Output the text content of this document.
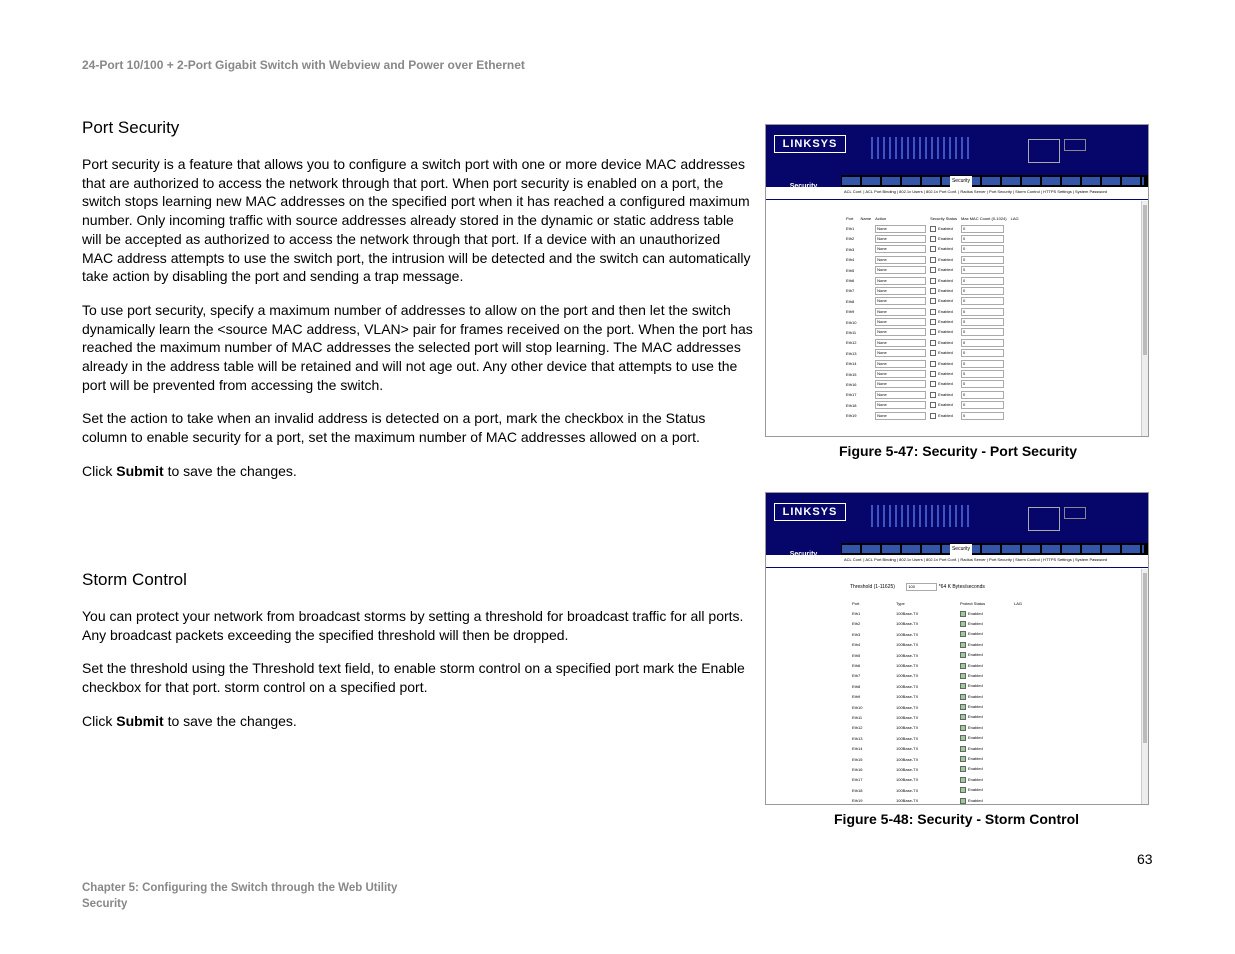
24-Port 10/100 + 2-Port Gigabit Switch with Webview and Power over Ethernet
Port Security

Port security is a feature that allows you to configure a switch port with one or more device MAC addresses that are authorized to access the network through that port. When port security is enabled on a port, the switch stops learning new MAC addresses on the specified port when it has reached a configured maximum number. Only incoming traffic with source addresses already stored in the dynamic or static address table will be accepted as authorized to access the network through that port. If a device with an unauthorized MAC address attempts to use the switch port, the intrusion will be detected and the switch can automatically take action by disabling the port and sending a trap message.

To use port security, specify a maximum number of addresses to allow on the port and then let the switch dynamically learn the <source MAC address, VLAN> pair for frames received on the port. When the port has reached the maximum number of MAC addresses the selected port will stop learning. The MAC addresses already in the address table will be retained and will not age out. Any other device that attempts to use the port will be prevented from accessing the switch.

Set the action to take when an invalid address is detected on a port, mark the checkbox in the Status column to enable security for a port, set the maximum number of MAC addresses allowed on a port.

Click Submit to save the changes.

Storm Control

You can protect your network from broadcast storms by setting a threshold for broadcast traffic for all ports. Any broadcast packets exceeding the specified threshold will then be dropped.

Set the threshold using the Threshold text field, to enable storm control on a specified port mark the Enable checkbox for that port. storm control on a specified port.

Click Submit to save the changes.

LINKSYS
Security
ACL Conf. | ACL Port Binding | 802.1x Users | 802.1x Port Conf. | Radius Server | Port Security | Storm Control | HTTPS Settings | System Password
Port	Name	Action	Security Status	Max MAC Count (0-1024)	LAG
Eth1		None	Enabled	0	
Eth2		None	Enabled	0	
Eth3		None	Enabled	0	
Eth4		None	Enabled	0	
Eth5		None	Enabled	0	
Eth6		None	Enabled	0	
Eth7		None	Enabled	0	
Eth8		None	Enabled	0	
Eth9		None	Enabled	0	
Eth10		None	Enabled	0	
Eth11		None	Enabled	0	
Eth12		None	Enabled	0	
Eth13		None	Enabled	0	
Eth14		None	Enabled	0	
Eth15		None	Enabled	0	
Eth16		None	Enabled	0	
Eth17		None	Enabled	0	
Eth18		None	Enabled	0	
Eth19		None	Enabled	0	
Figure 5-47: Security - Port Security
LINKSYS
Security
ACL Conf. | ACL Port Binding | 802.1x Users | 802.1x Port Conf. | Radius Server | Port Security | Storm Control | HTTPS Settings | System Password
Threshold (1-11625)	100	*64 K Bytes/seconds
Port	Type	Protect Status	LAG
Eth1	100Base-TX	Enabled	
Eth2	100Base-TX	Enabled	
Eth3	100Base-TX	Enabled	
Eth4	100Base-TX	Enabled	
Eth5	100Base-TX	Enabled	
Eth6	100Base-TX	Enabled	
Eth7	100Base-TX	Enabled	
Eth8	100Base-TX	Enabled	
Eth9	100Base-TX	Enabled	
Eth10	100Base-TX	Enabled	
Eth11	100Base-TX	Enabled	
Eth12	100Base-TX	Enabled	
Eth13	100Base-TX	Enabled	
Eth14	100Base-TX	Enabled	
Eth15	100Base-TX	Enabled	
Eth16	100Base-TX	Enabled	
Eth17	100Base-TX	Enabled	
Eth18	100Base-TX	Enabled	
Eth19	100Base-TX	Enabled	

Figure 5-48: Security - Storm Control
63
Chapter 5: Configuring the Switch through the Web Utility
Security
